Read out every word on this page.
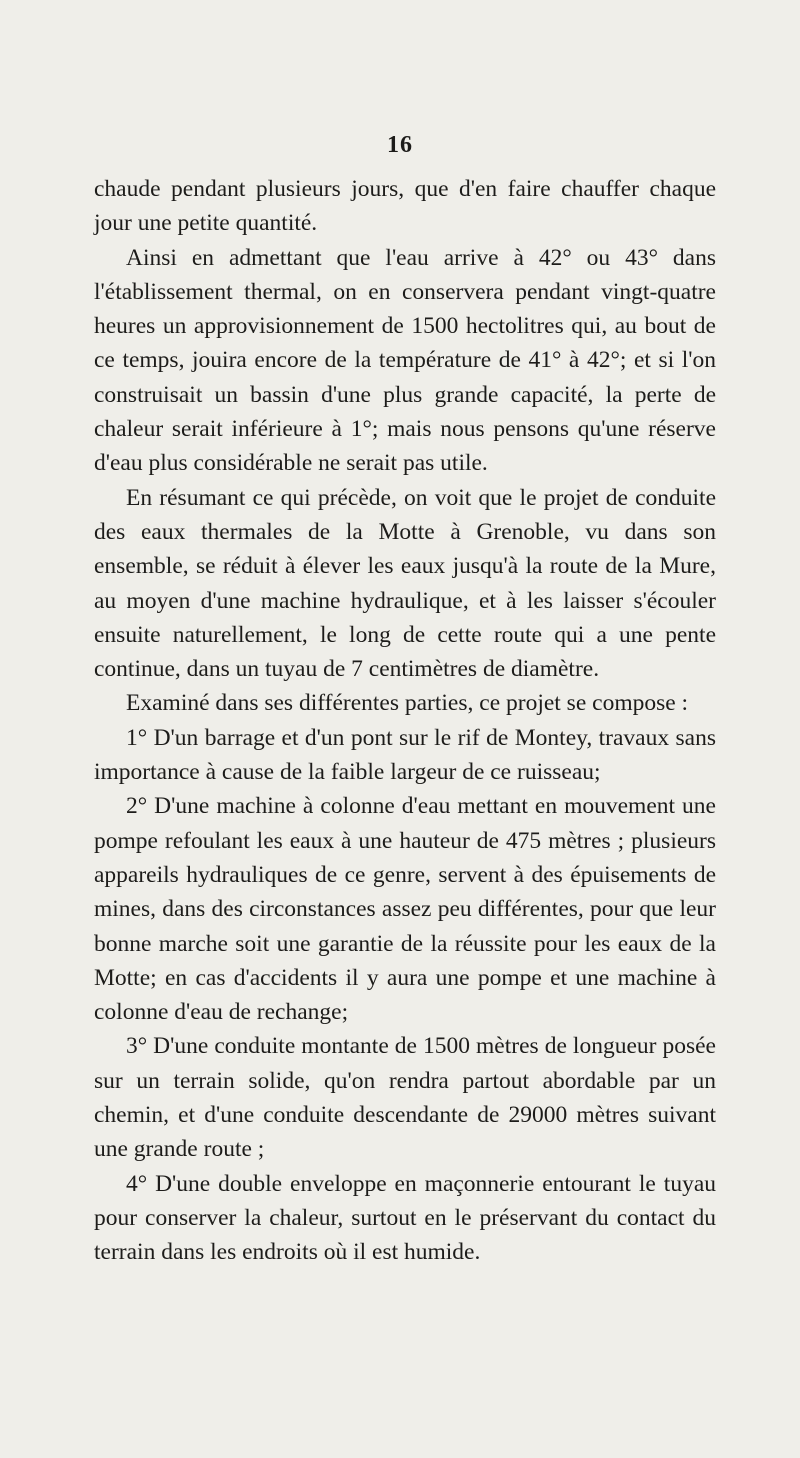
16

chaude pendant plusieurs jours, que d'en faire chauffer chaque jour une petite quantité.

Ainsi en admettant que l'eau arrive à 42° ou 43° dans l'établissement thermal, on en conservera pendant vingt-quatre heures un approvisionnement de 1500 hectolitres qui, au bout de ce temps, jouira encore de la température de 41° à 42°; et si l'on construisait un bassin d'une plus grande capacité, la perte de chaleur serait inférieure à 1°; mais nous pensons qu'une réserve d'eau plus considérable ne serait pas utile.

En résumant ce qui précède, on voit que le projet de conduite des eaux thermales de la Motte à Grenoble, vu dans son ensemble, se réduit à élever les eaux jusqu'à la route de la Mure, au moyen d'une machine hydraulique, et à les laisser s'écouler ensuite naturellement, le long de cette route qui a une pente continue, dans un tuyau de 7 centimètres de diamètre.

Examiné dans ses différentes parties, ce projet se compose :

1° D'un barrage et d'un pont sur le rif de Montey, travaux sans importance à cause de la faible largeur de ce ruisseau;

2° D'une machine à colonne d'eau mettant en mouvement une pompe refoulant les eaux à une hauteur de 475 mètres ; plusieurs appareils hydrauliques de ce genre, servent à des épuisements de mines, dans des circonstances assez peu différentes, pour que leur bonne marche soit une garantie de la réussite pour les eaux de la Motte; en cas d'accidents il y aura une pompe et une machine à colonne d'eau de rechange;

3° D'une conduite montante de 1500 mètres de longueur posée sur un terrain solide, qu'on rendra partout abordable par un chemin, et d'une conduite descendante de 29000 mètres suivant une grande route ;

4° D'une double enveloppe en maçonnerie entourant le tuyau pour conserver la chaleur, surtout en le préservant du contact du terrain dans les endroits où il est humide.
